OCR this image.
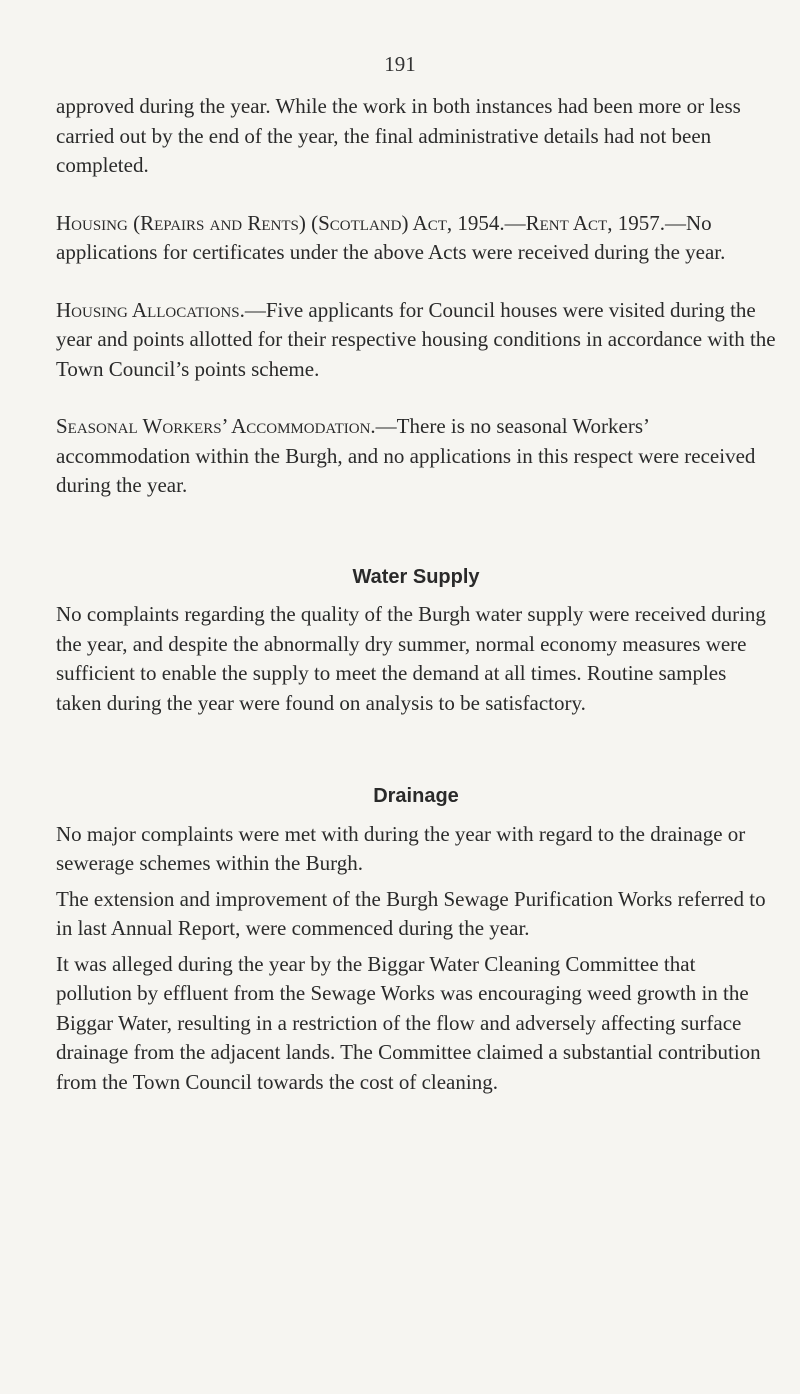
191

approved during the year. While the work in both instances had been more or less carried out by the end of the year, the final administrative details had not been completed.

Housing (Repairs and Rents) (Scotland) Act, 1954.—Rent Act, 1957.—No applications for certificates under the above Acts were received during the year.

Housing Allocations.—Five applicants for Council houses were visited during the year and points allotted for their respective housing conditions in accordance with the Town Council’s points scheme.

Seasonal Workers’ Accommodation.—There is no seasonal Workers’ accommodation within the Burgh, and no applications in this respect were received during the year.

Water Supply

No complaints regarding the quality of the Burgh water supply were received during the year, and despite the abnormally dry summer, normal economy measures were sufficient to enable the supply to meet the demand at all times. Routine samples taken during the year were found on analysis to be satisfactory.

Drainage

No major complaints were met with during the year with regard to the drainage or sewerage schemes within the Burgh.

The extension and improvement of the Burgh Sewage Purification Works referred to in last Annual Report, were commenced during the year.

It was alleged during the year by the Biggar Water Cleaning Committee that pollution by effluent from the Sewage Works was encouraging weed growth in the Biggar Water, resulting in a restriction of the flow and adversely affecting surface drainage from the adjacent lands. The Committee claimed a substantial contribution from the Town Council towards the cost of cleaning.
